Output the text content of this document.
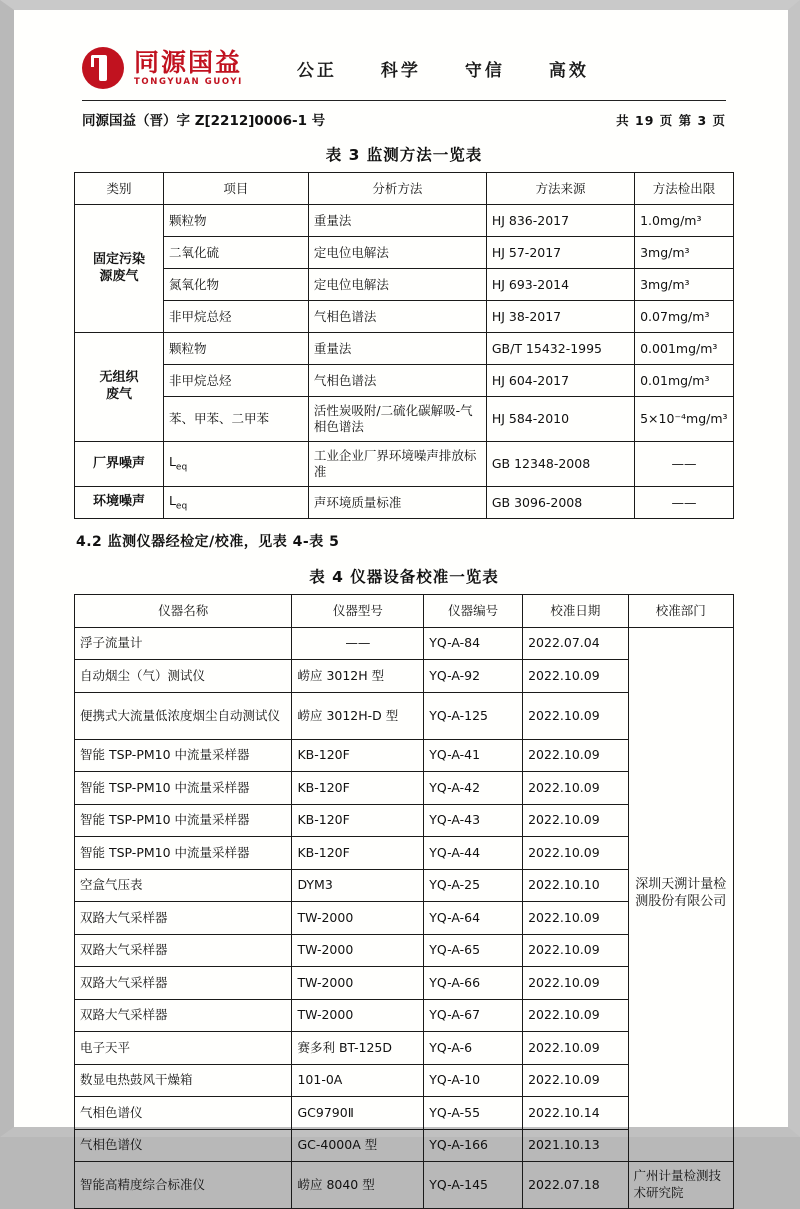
同源国益
TONGYUAN GUOYI
公正	科学	守信	高效
同源国益（晋）字 Z[2212]0006-1 号	共 19 页 第 3 页
表 3 监测方法一览表
类别	项目	分析方法	方法来源	方法检出限
固定污染
源废气	颗粒物	重量法	HJ 836-2017	1.0mg/m³
	二氧化硫	定电位电解法	HJ 57-2017	3mg/m³
	氮氧化物	定电位电解法	HJ 693-2014	3mg/m³
	非甲烷总烃	气相色谱法	HJ 38-2017	0.07mg/m³
无组织
废气	颗粒物	重量法	GB/T 15432-1995	0.001mg/m³
	非甲烷总烃	气相色谱法	HJ 604-2017	0.01mg/m³
	苯、甲苯、二甲苯	活性炭吸附/二硫化碳解吸-气相色谱法	HJ 584-2010	5×10⁻⁴mg/m³
厂界噪声	$L_{eq}$	工业企业厂界环境噪声排放标准	GB 12348-2008	——
环境噪声	$L_{eq}$	声环境质量标准	GB 3096-2008	——
4.2 监测仪器经检定/校准，见表 4-表 5
表 4 仪器设备校准一览表
仪器名称	仪器型号	仪器编号	校准日期	校准部门
浮子流量计	——	YQ-A-84	2022.07.04	深圳天溯计量检测股份有限公司
自动烟尘（气）测试仪	崂应 3012H 型	YQ-A-92	2022.10.09	
便携式大流量低浓度烟尘自动测试仪	崂应 3012H-D 型	YQ-A-125	2022.10.09	
智能 TSP-PM10 中流量采样器	KB-120F	YQ-A-41	2022.10.09	
智能 TSP-PM10 中流量采样器	KB-120F	YQ-A-42	2022.10.09	
智能 TSP-PM10 中流量采样器	KB-120F	YQ-A-43	2022.10.09	
智能 TSP-PM10 中流量采样器	KB-120F	YQ-A-44	2022.10.09	
空盒气压表	DYM3	YQ-A-25	2022.10.10	
双路大气采样器	TW-2000	YQ-A-64	2022.10.09	
双路大气采样器	TW-2000	YQ-A-65	2022.10.09	
双路大气采样器	TW-2000	YQ-A-66	2022.10.09	
双路大气采样器	TW-2000	YQ-A-67	2022.10.09	
电子天平	赛多利 BT-125D	YQ-A-6	2022.10.09	
数显电热鼓风干燥箱	101-0A	YQ-A-10	2022.10.09	
气相色谱仪	GC9790Ⅱ	YQ-A-55	2022.10.14	
气相色谱仪	GC-4000A 型	YQ-A-166	2021.10.13	
智能高精度综合标准仪	崂应 8040 型	YQ-A-145	2022.07.18	广州计量检测技术研究院
